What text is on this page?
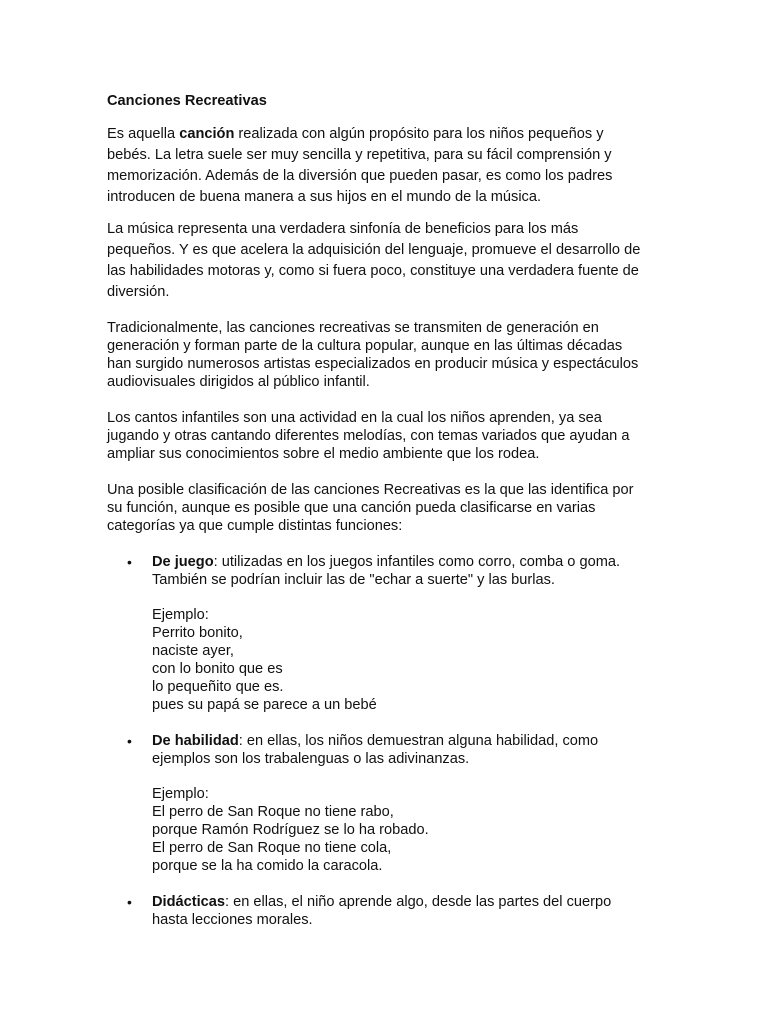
Canciones Recreativas
Es aquella canción realizada con algún propósito para los niños pequeños y
bebés. La letra suele ser muy sencilla y repetitiva, para su fácil comprensión y
memorización. Además de la diversión que pueden pasar, es como los padres
introducen de buena manera a sus hijos en el mundo de la música.
La música representa una verdadera sinfonía de beneficios para los más
pequeños. Y es que acelera la adquisición del lenguaje, promueve el desarrollo de
las habilidades motoras y, como si fuera poco, constituye una verdadera fuente de
diversión.
Tradicionalmente, las canciones recreativas se transmiten de generación en
generación y forman parte de la cultura popular, aunque en las últimas décadas
han surgido numerosos artistas especializados en producir música y espectáculos
audiovisuales dirigidos al público infantil.
Los cantos infantiles son una actividad en la cual los niños aprenden, ya sea
jugando y otras cantando diferentes melodías, con temas variados que ayudan a
ampliar sus conocimientos sobre el medio ambiente que los rodea.
Una posible clasificación de las canciones Recreativas es la que las identifica por
su función, aunque es posible que una canción pueda clasificarse en varias
categorías ya que cumple distintas funciones:
• De juego: utilizadas en los juegos infantiles como corro, comba o goma.
También se podrían incluir las de "echar a suerte" y las burlas.
Ejemplo:
Perrito bonito,
naciste ayer,
con lo bonito que es
lo pequeñito que es.
pues su papá se parece a un bebé
• De habilidad: en ellas, los niños demuestran alguna habilidad, como
ejemplos son los trabalenguas o las adivinanzas.
Ejemplo:
El perro de San Roque no tiene rabo,
porque Ramón Rodríguez se lo ha robado.
El perro de San Roque no tiene cola,
porque se la ha comido la caracola.
• Didácticas: en ellas, el niño aprende algo, desde las partes del cuerpo
hasta lecciones morales.
